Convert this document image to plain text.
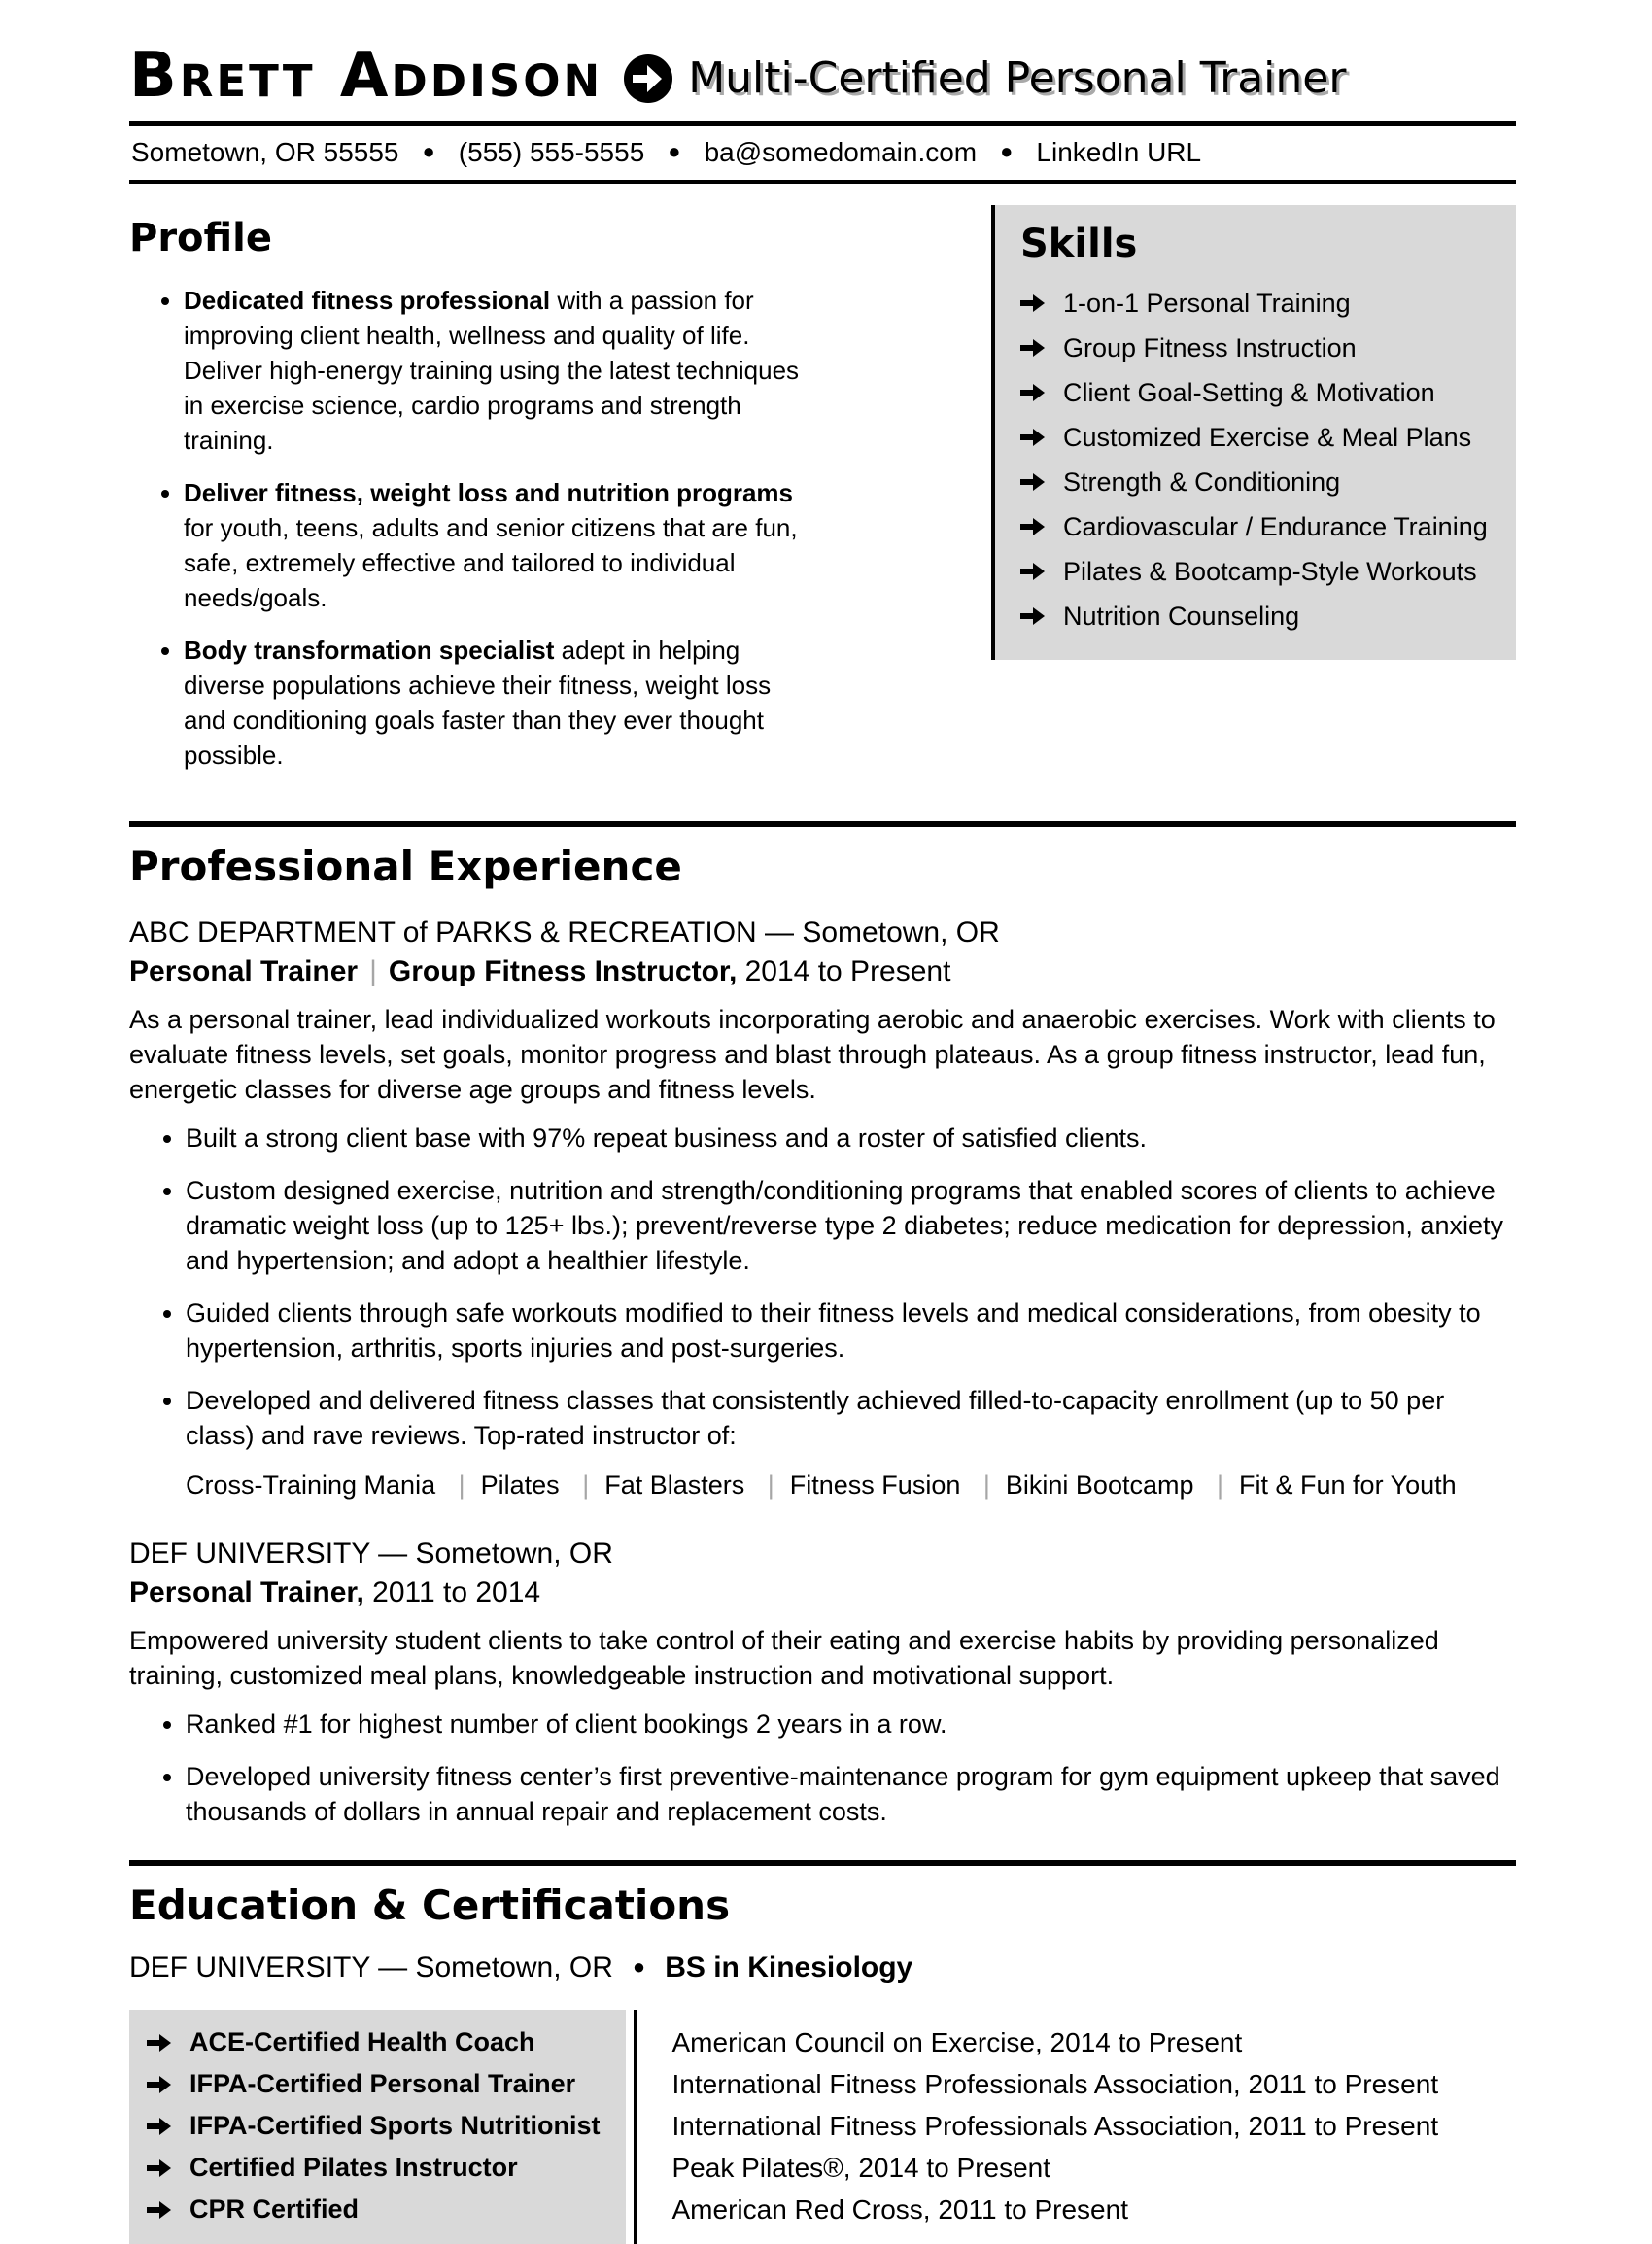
Brett Addison Multi-Certified Personal Trainer
Sometown, OR 55555 ● (555) 555-5555 ● ba@somedomain.com ● LinkedIn URL
Profile
• Dedicated fitness professional with a passion for improving client health, wellness and quality of life. Deliver high-energy training using the latest techniques in exercise science, cardio programs and strength training.
• Deliver fitness, weight loss and nutrition programs for youth, teens, adults and senior citizens that are fun, safe, extremely effective and tailored to individual needs/goals.
• Body transformation specialist adept in helping diverse populations achieve their fitness, weight loss and conditioning goals faster than they ever thought possible.
Skills
1-on-1 Personal Training
Group Fitness Instruction
Client Goal-Setting & Motivation
Customized Exercise & Meal Plans
Strength & Conditioning
Cardiovascular / Endurance Training
Pilates & Bootcamp-Style Workouts
Nutrition Counseling
Professional Experience

ABC DEPARTMENT of PARKS & RECREATION — Sometown, OR

Personal Trainer | Group Fitness Instructor, 2014 to Present

As a personal trainer, lead individualized workouts incorporating aerobic and anaerobic exercises. Work with clients to evaluate fitness levels, set goals, monitor progress and blast through plateaus. As a group fitness instructor, lead fun, energetic classes for diverse age groups and fitness levels.

• Built a strong client base with 97% repeat business and a roster of satisfied clients.
• Custom designed exercise, nutrition and strength/conditioning programs that enabled scores of clients to achieve dramatic weight loss (up to 125+ lbs.); prevent/reverse type 2 diabetes; reduce medication for depression, anxiety and hypertension; and adopt a healthier lifestyle.
• Guided clients through safe workouts modified to their fitness levels and medical considerations, from obesity to hypertension, arthritis, sports injuries and post-surgeries.
• Developed and delivered fitness classes that consistently achieved filled-to-capacity enrollment (up to 50 per class) and rave reviews. Top-rated instructor of:
Cross-Training Mania | Pilates | Fat Blasters | Fitness Fusion | Bikini Bootcamp | Fit & Fun for Youth

DEF UNIVERSITY — Sometown, OR

Personal Trainer, 2011 to 2014

Empowered university student clients to take control of their eating and exercise habits by providing personalized training, customized meal plans, knowledgeable instruction and motivational support.

• Ranked #1 for highest number of client bookings 2 years in a row.
• Developed university fitness center’s first preventive-maintenance program for gym equipment upkeep that saved thousands of dollars in annual repair and replacement costs.
Education & Certifications

DEF UNIVERSITY — Sometown, OR ● BS in Kinesiology

ACE-Certified Health Coach
IFPA-Certified Personal Trainer
IFPA-Certified Sports Nutritionist
Certified Pilates Instructor
CPR Certified
American Council on Exercise, 2014 to Present
International Fitness Professionals Association, 2011 to Present
International Fitness Professionals Association, 2011 to Present
Peak Pilates®, 2014 to Present
American Red Cross, 2011 to Present
